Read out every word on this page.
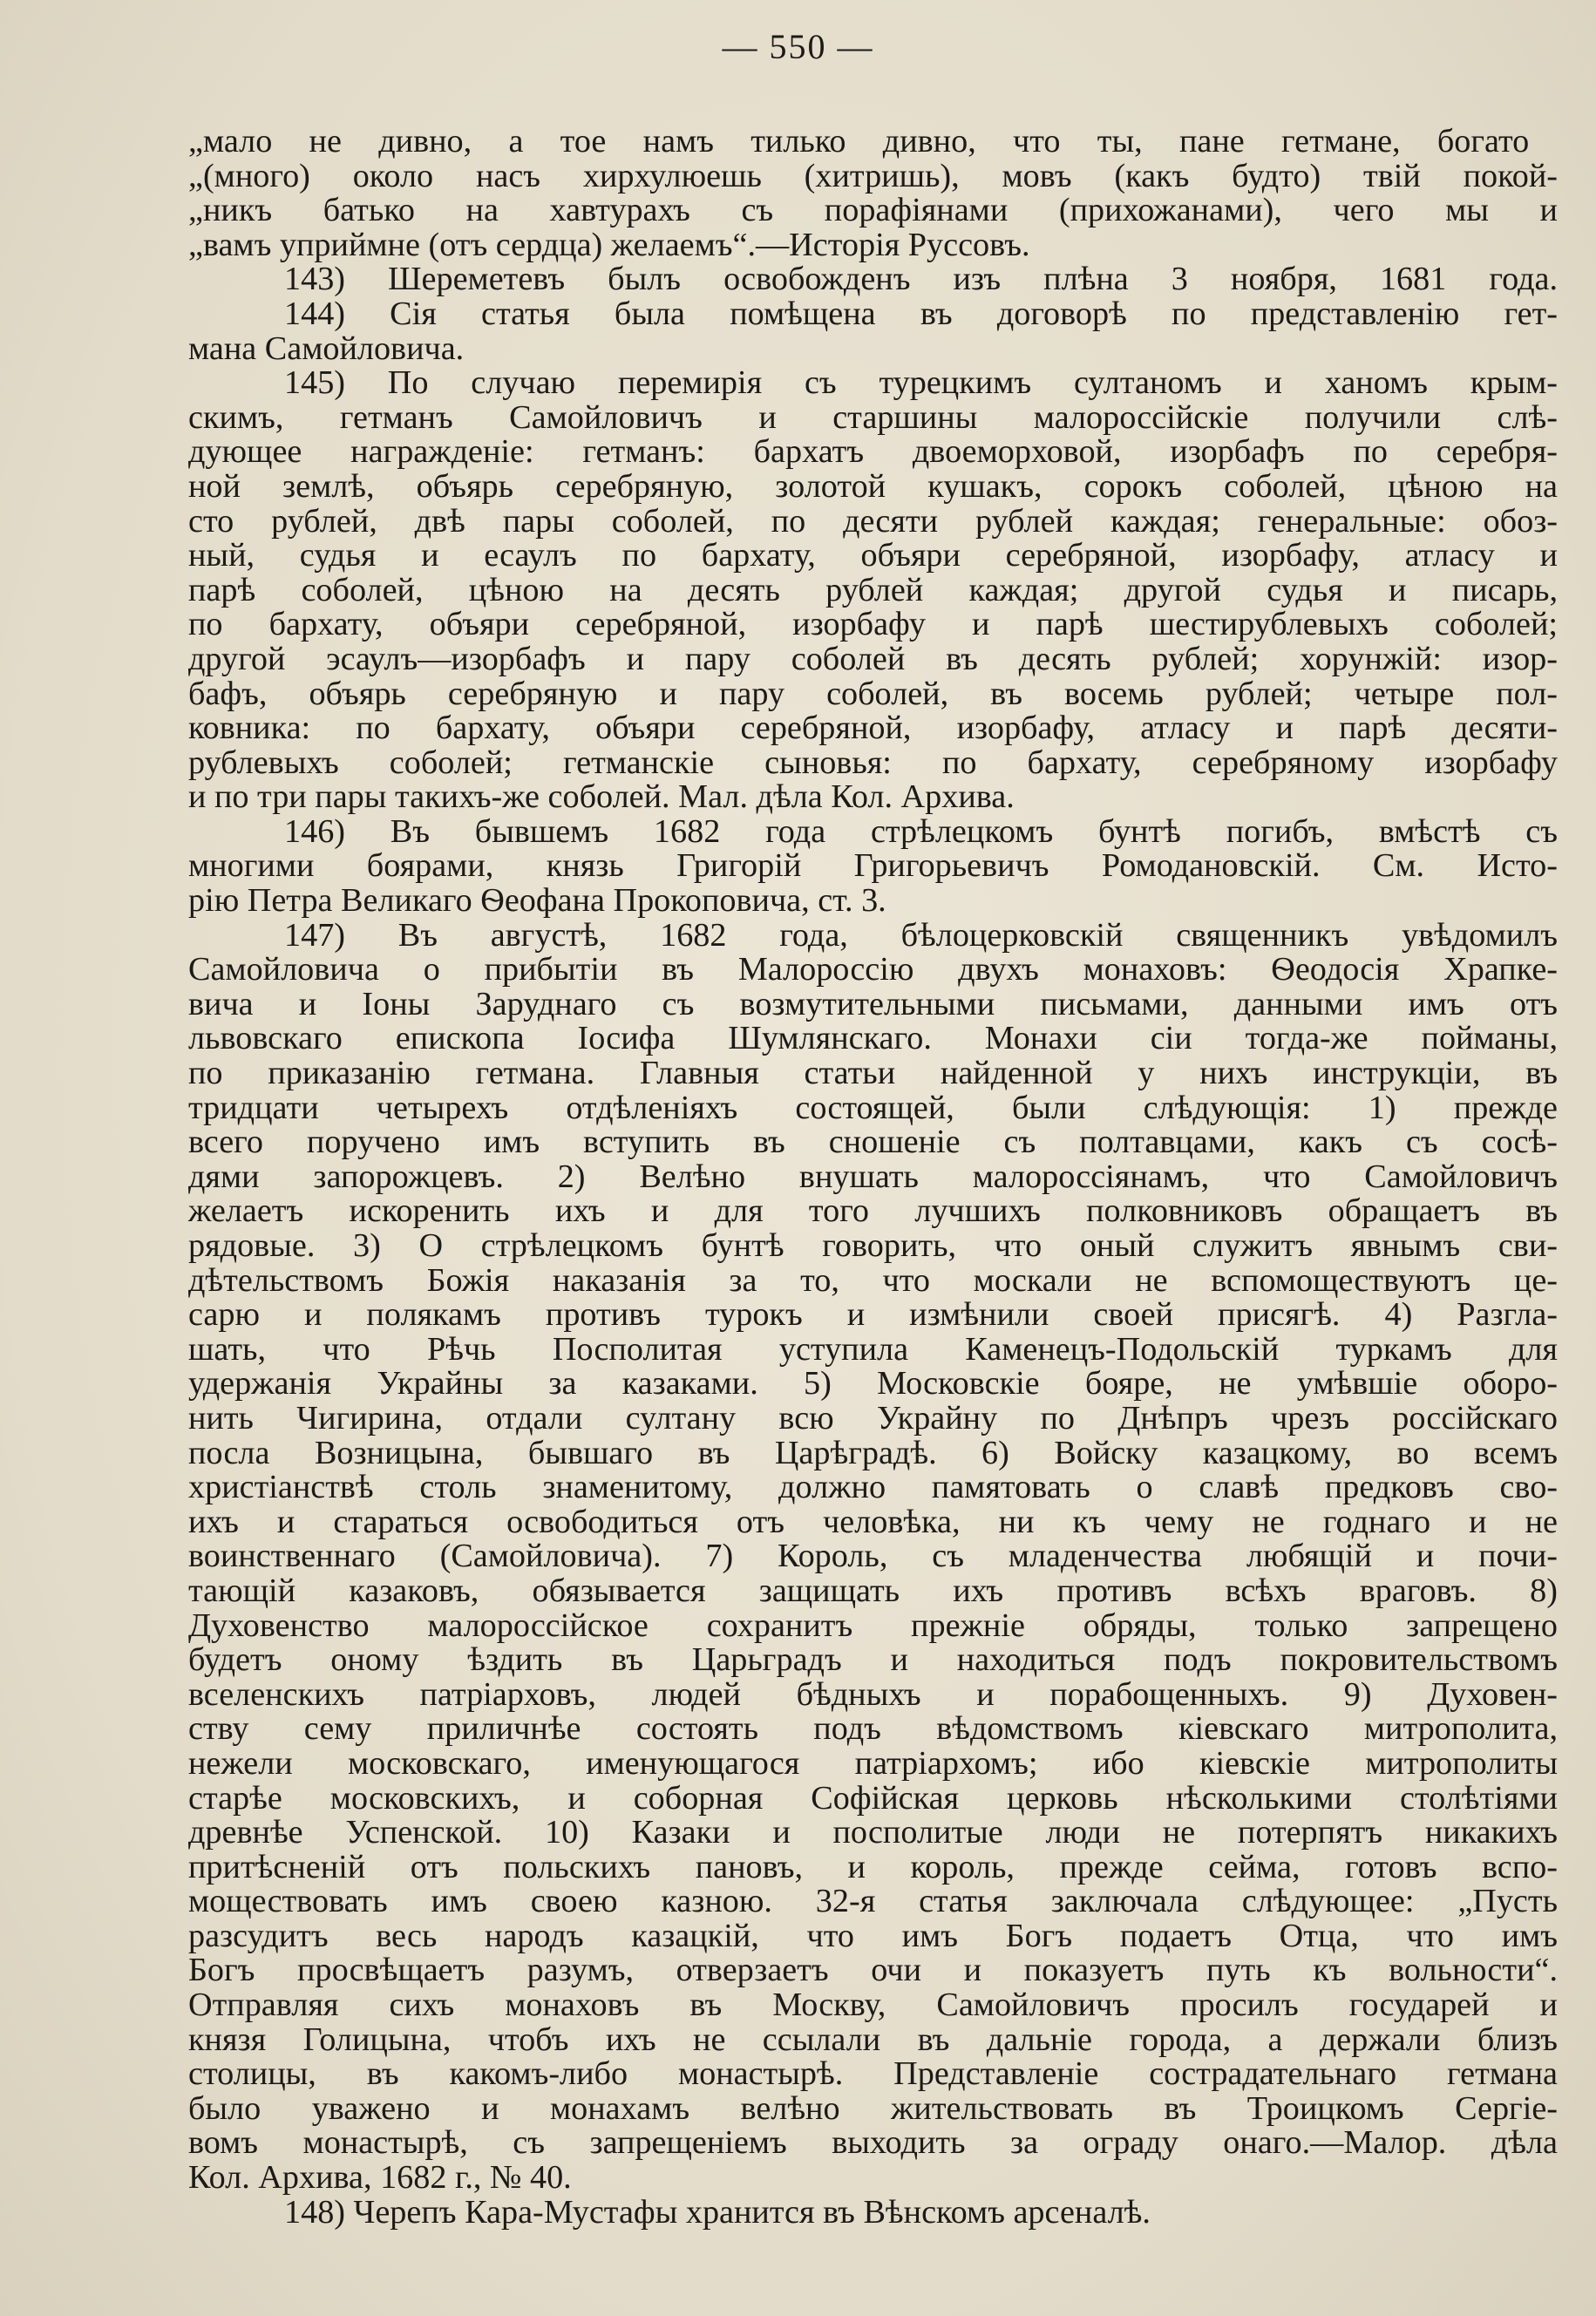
— 550 —
„мало не дивно, а тое намъ тилько дивно, что ты, пане гетмане, богато
„(много) около насъ хирхулюешь (хитришь), мовъ (какъ будто) твій покой-
„никъ батько на хавтурахъ съ порафіянами (прихожанами), чего мы и
„вамъ уприймне (отъ сердца) желаемъ“.—Исторія Руссовъ.
143) Шереметевъ былъ освобожденъ изъ плѣна 3 ноября, 1681 года.
144) Сія статья была помѣщена въ договорѣ по представленію гет-
мана Самойловича.
145) По случаю перемирія съ турецкимъ султаномъ и ханомъ крым-
скимъ, гетманъ Самойловичъ и старшины малороссійскіе получили слѣ-
дующее награжденіе: гетманъ: бархатъ двоеморховой, изорбафъ по серебря-
ной землѣ, объярь серебряную, золотой кушакъ, сорокъ соболей, цѣною на
сто рублей, двѣ пары соболей, по десяти рублей каждая; генеральные: обоз-
ный, судья и есаулъ по бархату, объяри серебряной, изорбафу, атласу и
парѣ соболей, цѣною на десять рублей каждая; другой судья и писарь,
по бархату, объяри серебряной, изорбафу и парѣ шестирублевыхъ соболей;
другой эсаулъ—изорбафъ и пару соболей въ десять рублей; хорунжій: изор-
бафъ, объярь серебряную и пару соболей, въ восемь рублей; четыре пол-
ковника: по бархату, объяри серебряной, изорбафу, атласу и парѣ десяти-
рублевыхъ соболей; гетманскіе сыновья: по бархату, серебряному изорбафу
и по три пары такихъ-же соболей. Мал. дѣла Кол. Архива.
146) Въ бывшемъ 1682 года стрѣлецкомъ бунтѣ погибъ, вмѣстѣ съ
многими боярами, князь Григорій Григорьевичъ Ромодановскій. См. Исто-
рію Петра Великаго Ѳеофана Прокоповича, ст. 3.
147) Въ августѣ, 1682 года, бѣлоцерковскій священникъ увѣдомилъ
Самойловича о прибытіи въ Малороссію двухъ монаховъ: Ѳеодосія Храпке-
вича и Іоны Заруднаго съ возмутительными письмами, данными имъ отъ
львовскаго епископа Іосифа Шумлянскаго. Монахи сіи тогда-же пойманы,
по приказанію гетмана. Главныя статьи найденной у нихъ инструкціи, въ
тридцати четырехъ отдѣленіяхъ состоящей, были слѣдующія: 1) прежде
всего поручено имъ вступить въ сношеніе съ полтавцами, какъ съ сосѣ-
дями запорожцевъ. 2) Велѣно внушать малороссіянамъ, что Самойловичъ
желаетъ искоренить ихъ и для того лучшихъ полковниковъ обращаетъ въ
рядовые. 3) О стрѣлецкомъ бунтѣ говорить, что оный служитъ явнымъ сви-
дѣтельствомъ Божія наказанія за то, что москали не вспомоществуютъ це-
сарю и полякамъ противъ турокъ и измѣнили своей присягѣ. 4) Разгла-
шать, что Рѣчь Посполитая уступила Каменецъ-Подольскій туркамъ для
удержанія Украйны за казаками. 5) Московскіе бояре, не умѣвшіе оборо-
нить Чигирина, отдали султану всю Украйну по Днѣпръ чрезъ россійскаго
посла Возницына, бывшаго въ Царѣградѣ. 6) Войску казацкому, во всемъ
христіанствѣ столь знаменитому, должно памятовать о славѣ предковъ сво-
ихъ и стараться освободиться отъ человѣка, ни къ чему не годнаго и не
воинственнаго (Самойловича). 7) Король, съ младенчества любящій и почи-
тающій казаковъ, обязывается защищать ихъ противъ всѣхъ враговъ. 8)
Духовенство малороссійское сохранитъ прежніе обряды, только запрещено
будетъ оному ѣздить въ Царьградъ и находиться подъ покровительствомъ
вселенскихъ патріарховъ, людей бѣдныхъ и порабощенныхъ. 9) Духовен-
ству сему приличнѣе состоять подъ вѣдомствомъ кіевскаго митрополита,
нежели московскаго, именующагося патріархомъ; ибо кіевскіе митрополиты
старѣе московскихъ, и соборная Софійская церковь нѣсколькими столѣтіями
древнѣе Успенской. 10) Казаки и посполитые люди не потерпятъ никакихъ
притѣсненій отъ польскихъ пановъ, и король, прежде сейма, готовъ вспо-
моществовать имъ своею казною. 32-я статья заключала слѣдующее: „Пусть
разсудитъ весь народъ казацкій, что имъ Богъ подаетъ Отца, что имъ
Богъ просвѣщаетъ разумъ, отверзаетъ очи и показуетъ путь къ вольности“.
Отправляя сихъ монаховъ въ Москву, Самойловичъ просилъ государей и
князя Голицына, чтобъ ихъ не ссылали въ дальніе города, а держали близъ
столицы, въ какомъ-либо монастырѣ. Представленіе сострадательнаго гетмана
было уважено и монахамъ велѣно жительствовать въ Троицкомъ Сергіе-
вомъ монастырѣ, съ запрещеніемъ выходить за ограду онаго.—Малор. дѣла
Кол. Архива, 1682 г., № 40.
148) Черепъ Кара-Мустафы хранится въ Вѣнскомъ арсеналѣ.
